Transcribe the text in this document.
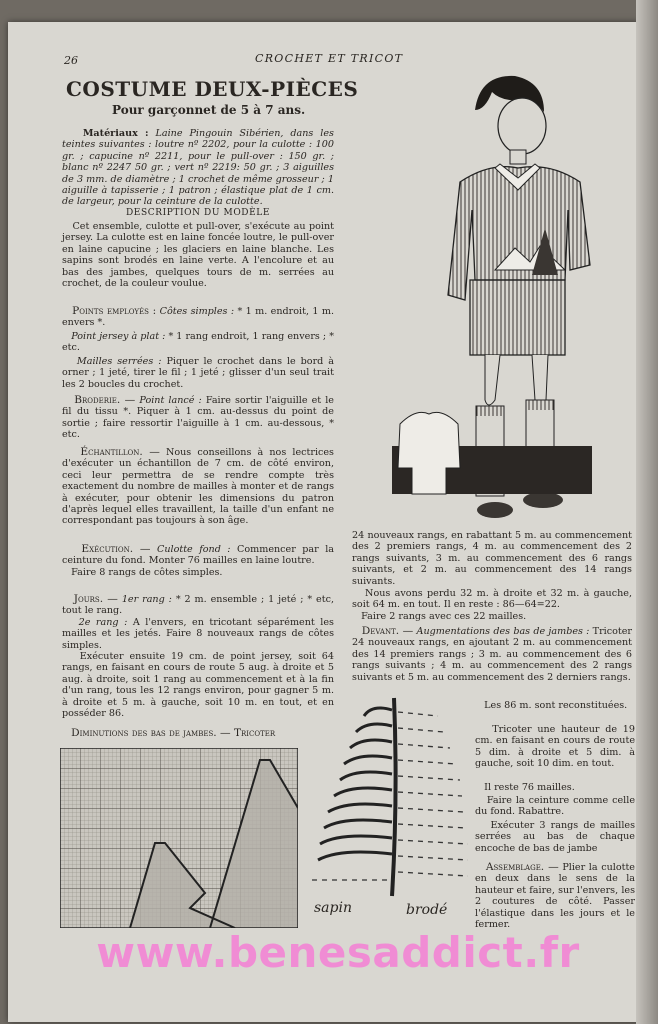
26	CROCHET ET TRICOT
COSTUME DEUX-PIÈCES
Pour garçonnet de 5 à 7 ans.
Matériaux : Laine Pingouin Sibérien, dans les teintes suivantes : loutre nº 2202, pour la culotte : 100 gr. ; capucine nº 2211, pour le pull-over : 150 gr. ; blanc nº 2247 50 gr. ; vert nº 2219: 50 gr. ; 3 aiguilles de 3 mm. de diamètre ; 1 crochet de même grosseur ; 1 aiguille à tapisserie ; 1 patron ; élastique plat de 1 cm. de largeur, pour la ceinture de la culotte.
DESCRIPTION DU MODÈLE
Cet ensemble, culotte et pull-over, s'exécute au point jersey. La culotte est en laine foncée loutre, le pull-over en laine capucine ; les glaciers en laine blanche. Les sapins sont brodés en laine verte. A l'encolure et au bas des jambes, quelques tours de m. serrées au crochet, de la couleur voulue.
Points employés : Côtes simples : * 1 m. endroit, 1 m. envers *.
Point jersey à plat : * 1 rang endroit, 1 rang envers ; * etc.
Mailles serrées : Piquer le crochet dans le bord à orner ; 1 jeté, tirer le fil ; 1 jeté ; glisser d'un seul trait les 2 boucles du crochet.
Broderie. — Point lancé : Faire sortir l'aiguille et le fil du tissu *. Piquer à 1 cm. au-dessus du point de sortie ; faire ressortir l'aiguille à 1 cm. au-dessous, * etc.
Échantillon. — Nous conseillons à nos lectrices d'exécuter un échantillon de 7 cm. de côté environ, ceci leur permettra de se rendre compte très exactement du nombre de mailles à monter et de rangs à exécuter, pour obtenir les dimensions du patron d'après lequel elles travaillent, la taille d'un enfant ne correspondant pas toujours à son âge.
Exécution. — Culotte fond : Commencer par la ceinture du fond. Monter 76 mailles en laine loutre.
Faire 8 rangs de côtes simples.
Jours. — 1er rang : * 2 m. ensemble ; 1 jeté ; * etc, tout le rang.
2e rang : A l'envers, en tricotant séparément les mailles et les jetés. Faire 8 nouveaux rangs de côtes simples.
Exécuter ensuite 19 cm. de point jersey, soit 64 rangs, en faisant en cours de route 5 aug. à droite et 5 aug. à droite, soit 1 rang au commencement et à la fin d'un rang, tous les 12 rangs environ, pour gagner 5 m. à droite et 5 m. à gauche, soit 10 m. en tout, et en posséder 86.
Diminutions des bas de jambes. — Tricoter
24 nouveaux rangs, en rabattant 5 m. au commencement des 2 premiers rangs, 4 m. au commencement des 2 rangs suivants, 3 m. au commencement des 6 rangs suivants, et 2 m. au commencement des 14 rangs suivants.
Nous avons perdu 32 m. à droite et 32 m. à gauche, soit 64 m. en tout. Il en reste : 86—64=22.
Faire 2 rangs avec ces 22 mailles.
Devant. — Augmentations des bas de jambes : Tricoter 24 nouveaux rangs, en ajoutant 2 m. au commencement des 14 premiers rangs ; 3 m. au commencement des 6 rangs suivants ; 4 m. au commencement des 2 rangs suivants et 5 m. au commencement des 2 derniers rangs.
Les 86 m. sont reconstituées.
Tricoter une hauteur de 19 cm. en faisant en cours de route 5 dim. à droite et 5 dim. à gauche, soit 10 dim. en tout.
Il reste 76 mailles.
Faire la ceinture comme celle du fond. Rabattre.
Exécuter 3 rangs de mailles serrées au bas de chaque encoche de bas de jambe
Assemblage. — Plier la culotte en deux dans le sens de la hauteur et faire, sur l'envers, les 2 coutures de côté. Passer l'élastique dans les jours et le fermer.
sapin	brodé
www.benesaddict.fr
